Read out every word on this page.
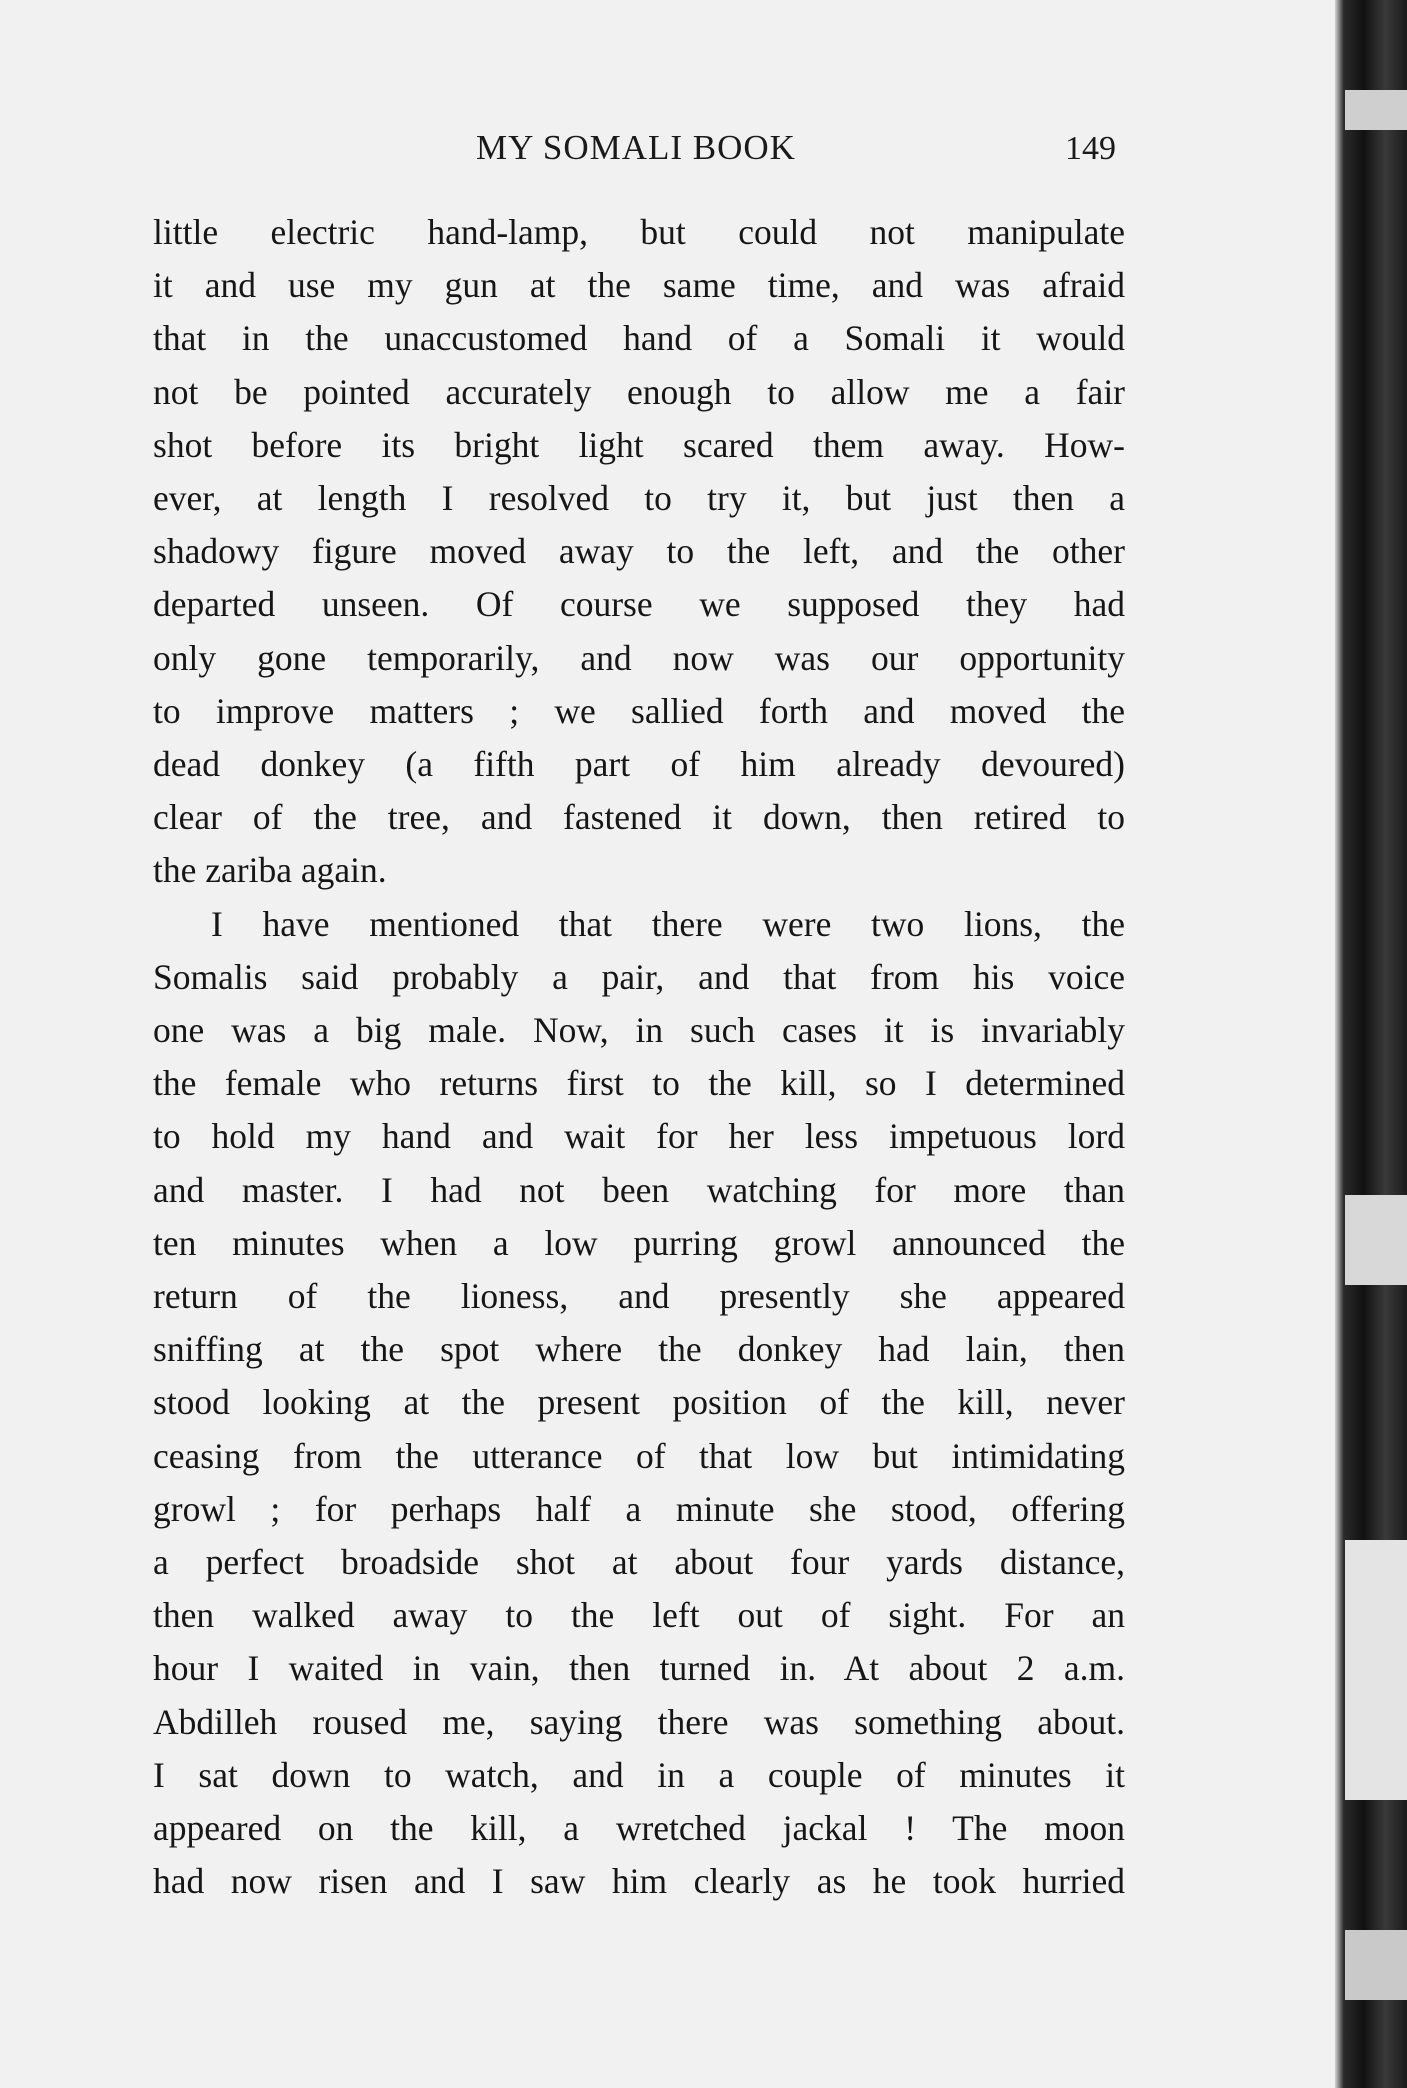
MY SOMALI BOOK	149
little electric hand-lamp, but could not manipulate
it and use my gun at the same time, and was afraid
that in the unaccustomed hand of a Somali it would
not be pointed accurately enough to allow me a fair
shot before its bright light scared them away. How-
ever, at length I resolved to try it, but just then a
shadowy figure moved away to the left, and the other
departed unseen. Of course we supposed they had
only gone temporarily, and now was our opportunity
to improve matters ; we sallied forth and moved the
dead donkey (a fifth part of him already devoured)
clear of the tree, and fastened it down, then retired to
the zariba again.
I have mentioned that there were two lions, the
Somalis said probably a pair, and that from his voice
one was a big male. Now, in such cases it is invariably
the female who returns first to the kill, so I determined
to hold my hand and wait for her less impetuous lord
and master. I had not been watching for more than
ten minutes when a low purring growl announced the
return of the lioness, and presently she appeared
sniffing at the spot where the donkey had lain, then
stood looking at the present position of the kill, never
ceasing from the utterance of that low but intimidating
growl ; for perhaps half a minute she stood, offering
a perfect broadside shot at about four yards distance,
then walked away to the left out of sight. For an
hour I waited in vain, then turned in. At about 2 a.m.
Abdilleh roused me, saying there was something about.
I sat down to watch, and in a couple of minutes it
appeared on the kill, a wretched jackal ! The moon
had now risen and I saw him clearly as he took hurried
